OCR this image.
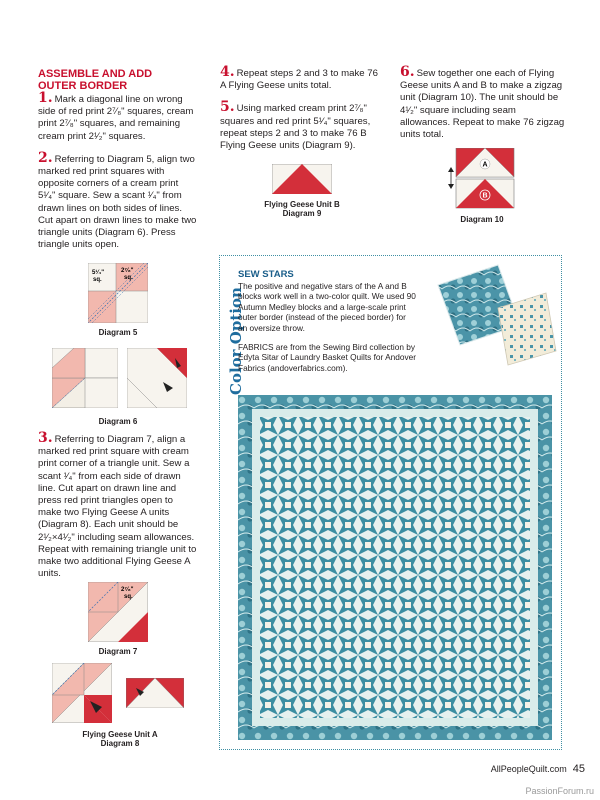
ASSEMBLE AND ADD OUTER BORDER
1. Mark a diagonal line on wrong side of red print 2⁷⁄₈" squares, cream print 2⁷⁄₈" squares, and remaining cream print 2¹⁄₂" squares.
2. Referring to Diagram 5, align two marked red print squares with opposite corners of a cream print 5¹⁄₄" square. Sew a scant ¹⁄₄" from drawn lines on both sides of lines. Cut apart on drawn lines to make two triangle units (Diagram 6). Press triangle units open.
5¹⁄₄"
sq.
2⁷⁄₈"
sq.
Diagram 5
Diagram 6
3. Referring to Diagram 7, align a marked red print square with cream print corner of a triangle unit. Sew a scant ¹⁄₄" from each side of drawn line. Cut apart on drawn line and press red print triangles open to make two Flying Geese A units (Diagram 8). Each unit should be 2¹⁄₂×4¹⁄₂" including seam allowances. Repeat with remaining triangle unit to make two additional Flying Geese A units.
2⁷⁄₈"
sq.
Diagram 7
Flying Geese Unit A
Diagram 8
4. Repeat steps 2 and 3 to make 76 A Flying Geese units total.
5. Using marked cream print 2⁷⁄₈" squares and red print 5¹⁄₄" squares, repeat steps 2 and 3 to make 76 B Flying Geese units (Diagram 9).
Flying Geese Unit B
Diagram 9
6. Sew together one each of Flying Geese units A and B to make a zigzag unit (Diagram 10). The unit should be 4¹⁄₂" square including seam allowances. Repeat to make 76 zigzag units total.
A
B
Diagram 10
Color Option
SEW STARS
The positive and negative stars of the A and B blocks work well in a two-color quilt. We used 90 Autumn Medley blocks and a large-scale print outer border (instead of the pieced border) for an oversize throw.
FABRICS are from the Sewing Bird collection by Edyta Sitar of Laundry Basket Quilts for Andover Fabrics (andoverfabrics.com).
AllPeopleQuilt.com 45
PassionForum.ru
